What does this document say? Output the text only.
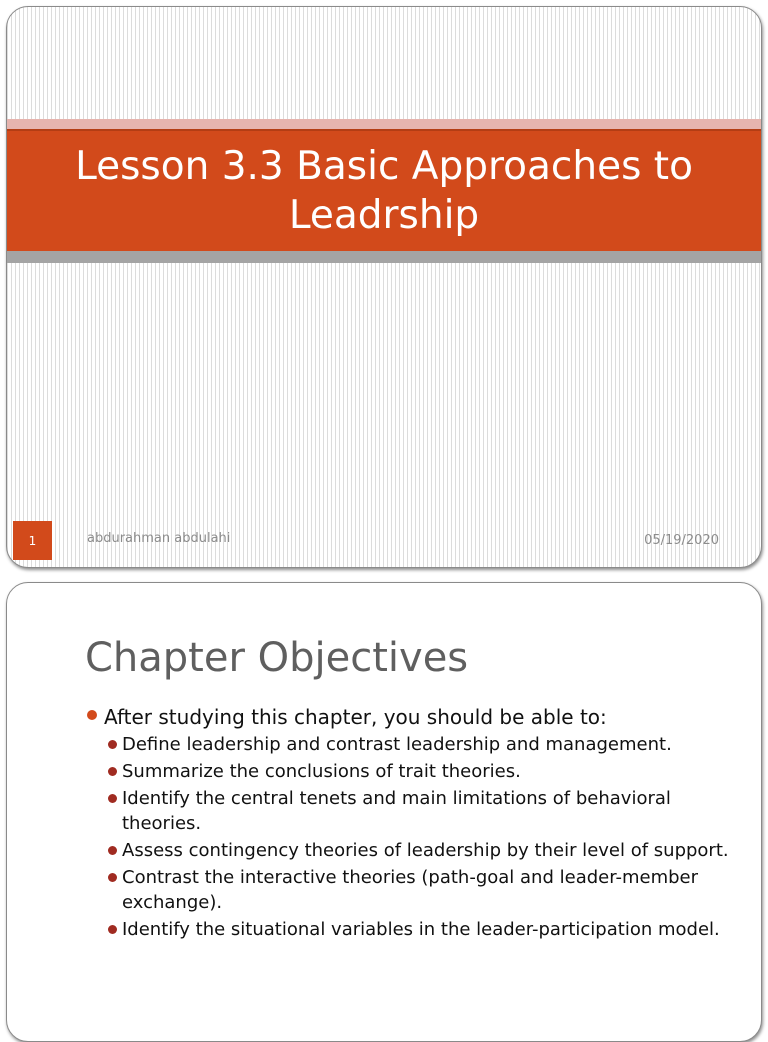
Lesson 3.3 Basic Approaches to Leadrship
1	abdurahman abdulahi	05/19/2020
Chapter Objectives
After studying this chapter, you should be able to:
Define leadership and contrast leadership and management.
Summarize the conclusions of trait theories.
Identify the central tenets and main limitations of behavioral theories.
Assess contingency theories of leadership by their level of support.
Contrast the interactive theories (path-goal and leader-member exchange).
Identify the situational variables in the leader-participation model.
